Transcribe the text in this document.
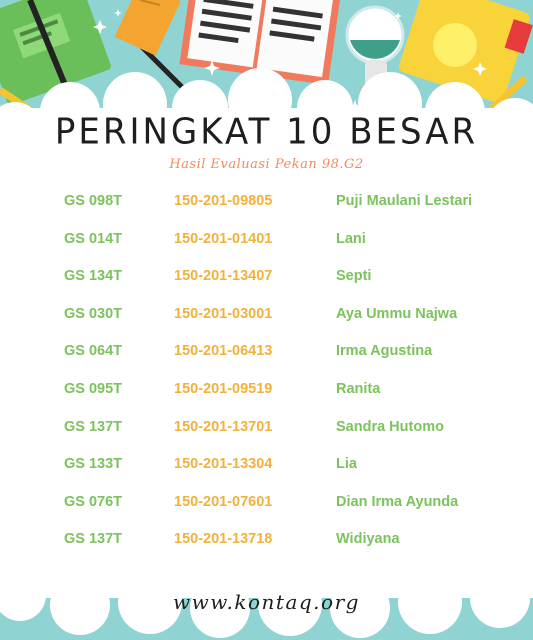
PERINGKAT 10 BESAR
Hasil Evaluasi Pekan 98.G2
GS 098T	150-201-09805	Puji Maulani Lestari
GS 014T	150-201-01401	Lani
GS 134T	150-201-13407	Septi
GS 030T	150-201-03001	Aya Ummu Najwa
GS 064T	150-201-06413	Irma Agustina
GS 095T	150-201-09519	Ranita
GS 137T	150-201-13701	Sandra Hutomo
GS 133T	150-201-13304	Lia
GS 076T	150-201-07601	Dian Irma Ayunda
GS 137T	150-201-13718	Widiyana
www.kontaq.org
